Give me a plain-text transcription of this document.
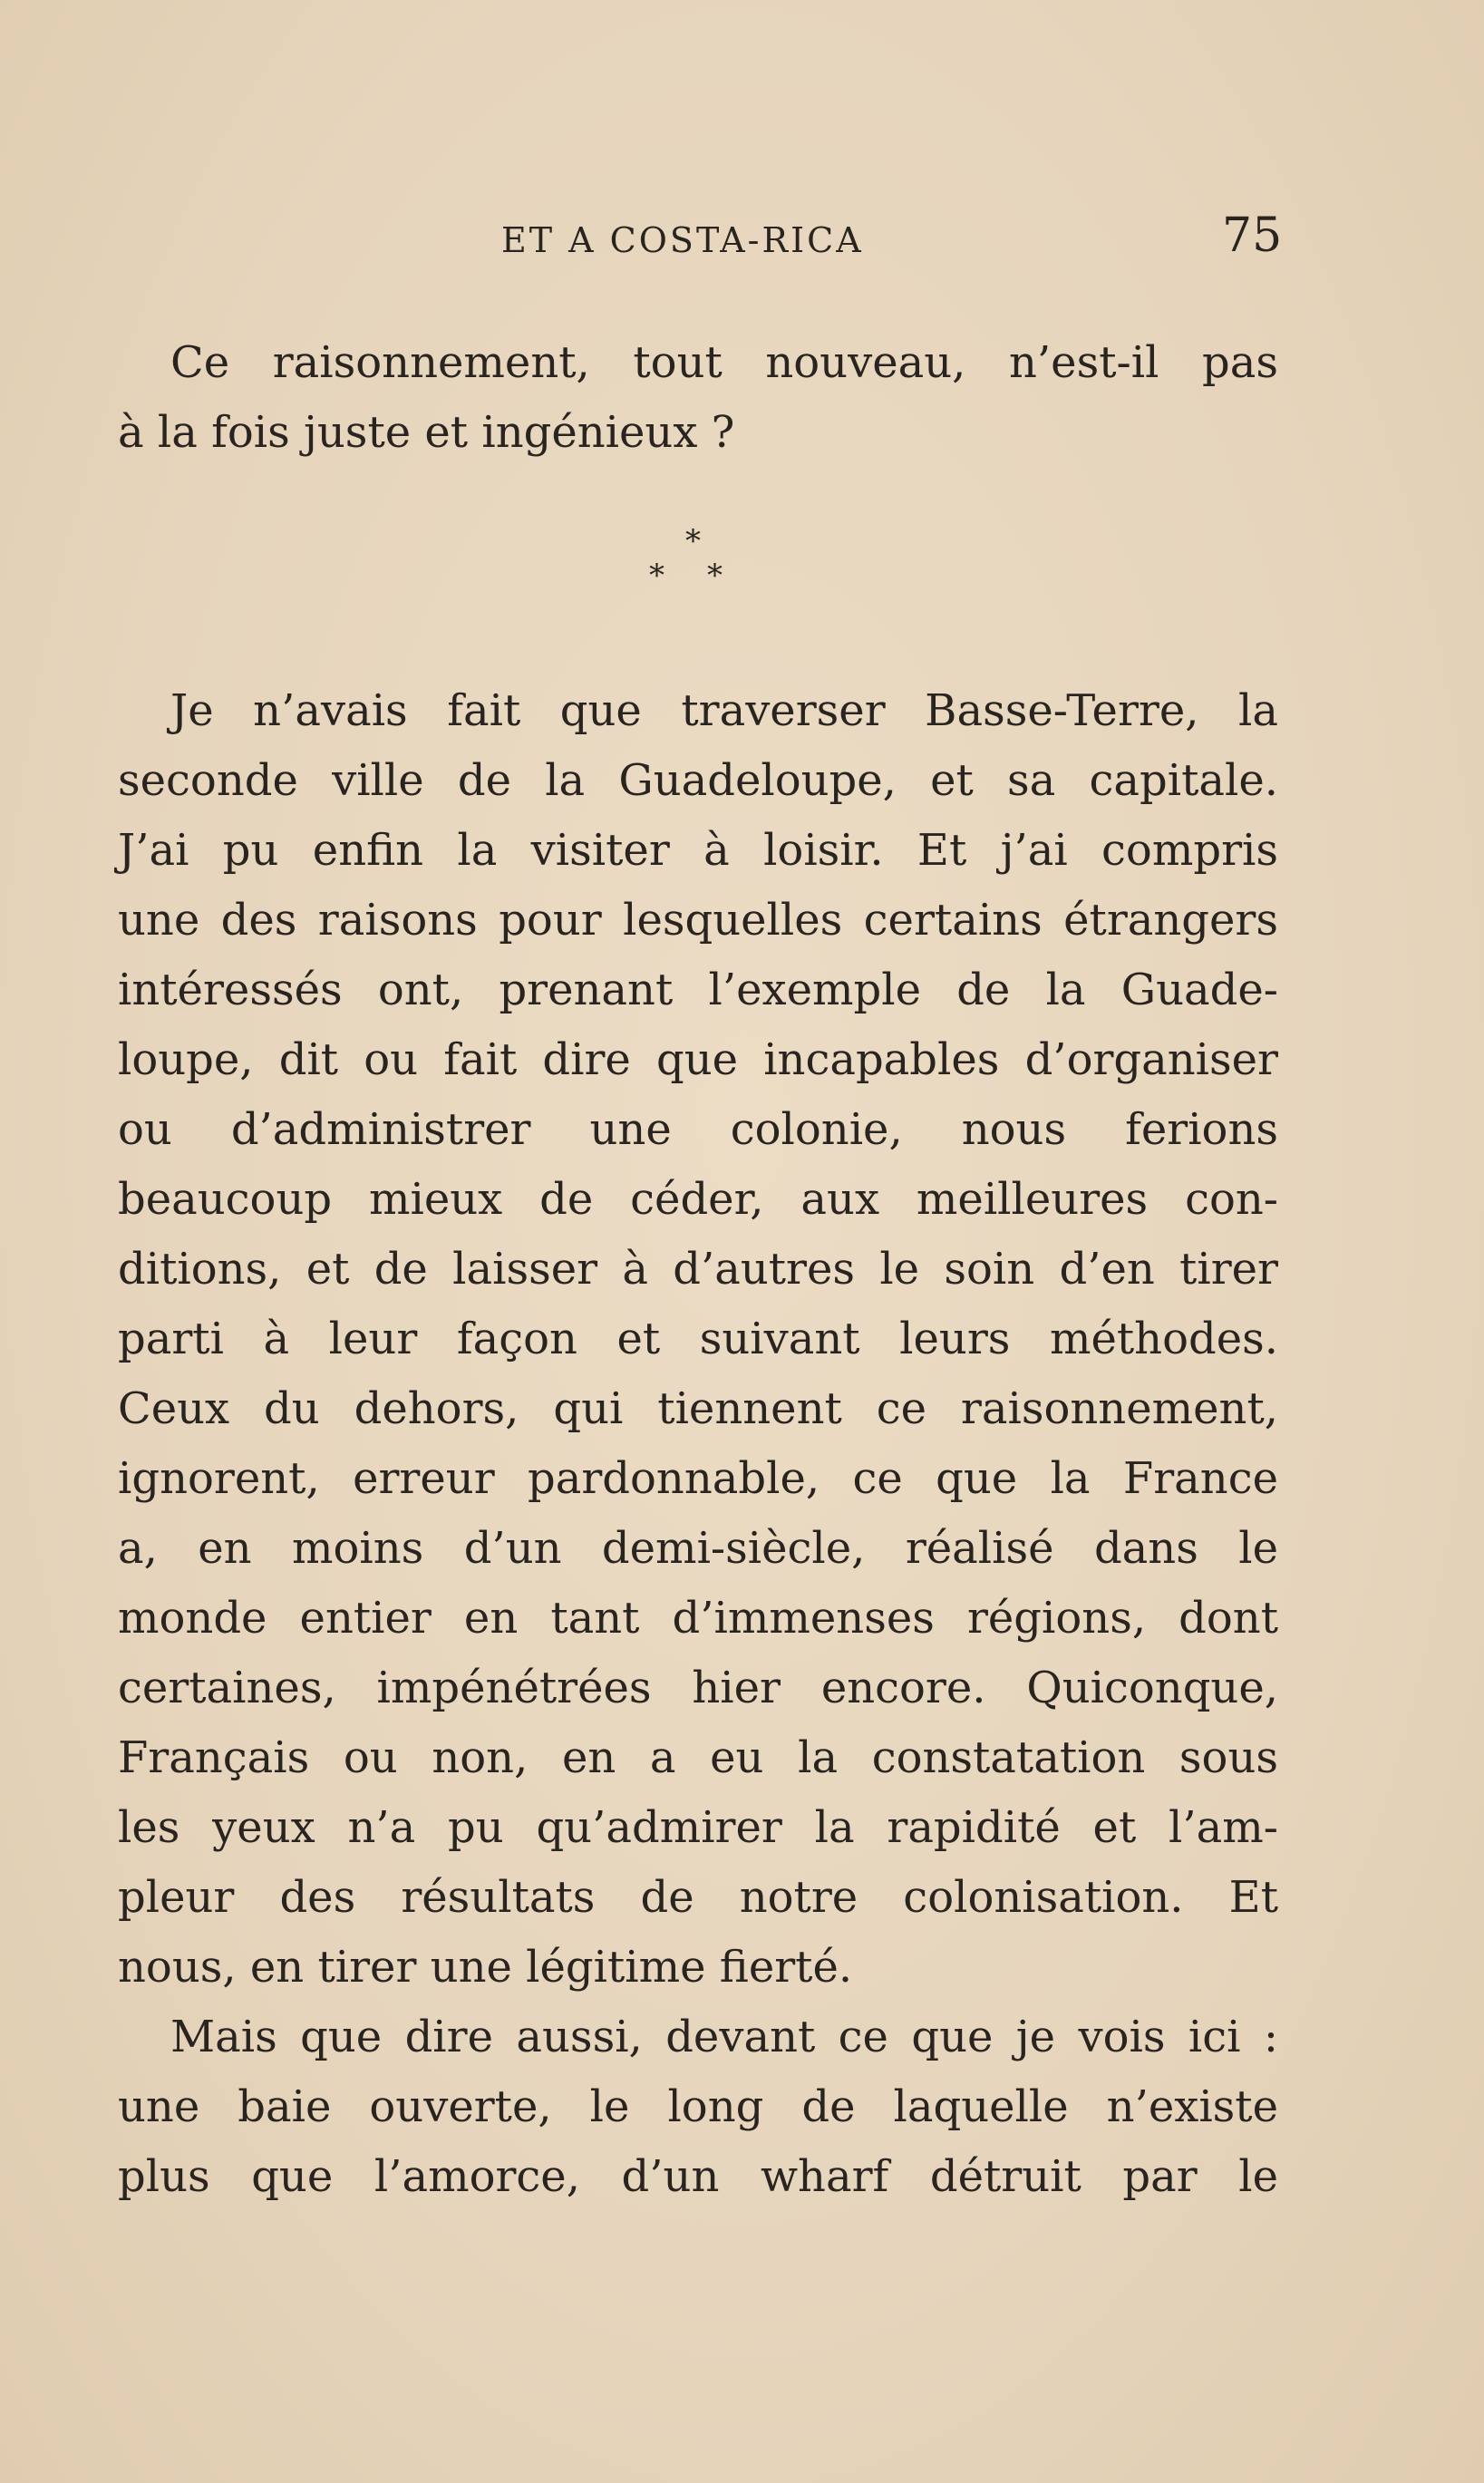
ET A COSTA-RICA	75
Ce raisonnement, tout nouveau, n’est-il pas
à la fois juste et ingénieux ?
*
* *
Je n’avais fait que traverser Basse-Terre, la
seconde ville de la Guadeloupe, et sa capitale.
J’ai pu enfin la visiter à loisir. Et j’ai compris
une des raisons pour lesquelles certains étrangers
intéressés ont, prenant l’exemple de la Guade-
loupe, dit ou fait dire que incapables d’organiser
ou d’administrer une colonie, nous ferions
beaucoup mieux de céder, aux meilleures con-
ditions, et de laisser à d’autres le soin d’en tirer
parti à leur façon et suivant leurs méthodes.
Ceux du dehors, qui tiennent ce raisonnement,
ignorent, erreur pardonnable, ce que la France
a, en moins d’un demi-siècle, réalisé dans le
monde entier en tant d’immenses régions, dont
certaines, impénétrées hier encore. Quiconque,
Français ou non, en a eu la constatation sous
les yeux n’a pu qu’admirer la rapidité et l’am-
pleur des résultats de notre colonisation. Et
nous, en tirer une légitime fierté.
Mais que dire aussi, devant ce que je vois ici :
une baie ouverte, le long de laquelle n’existe
plus que l’amorce, d’un wharf détruit par le
